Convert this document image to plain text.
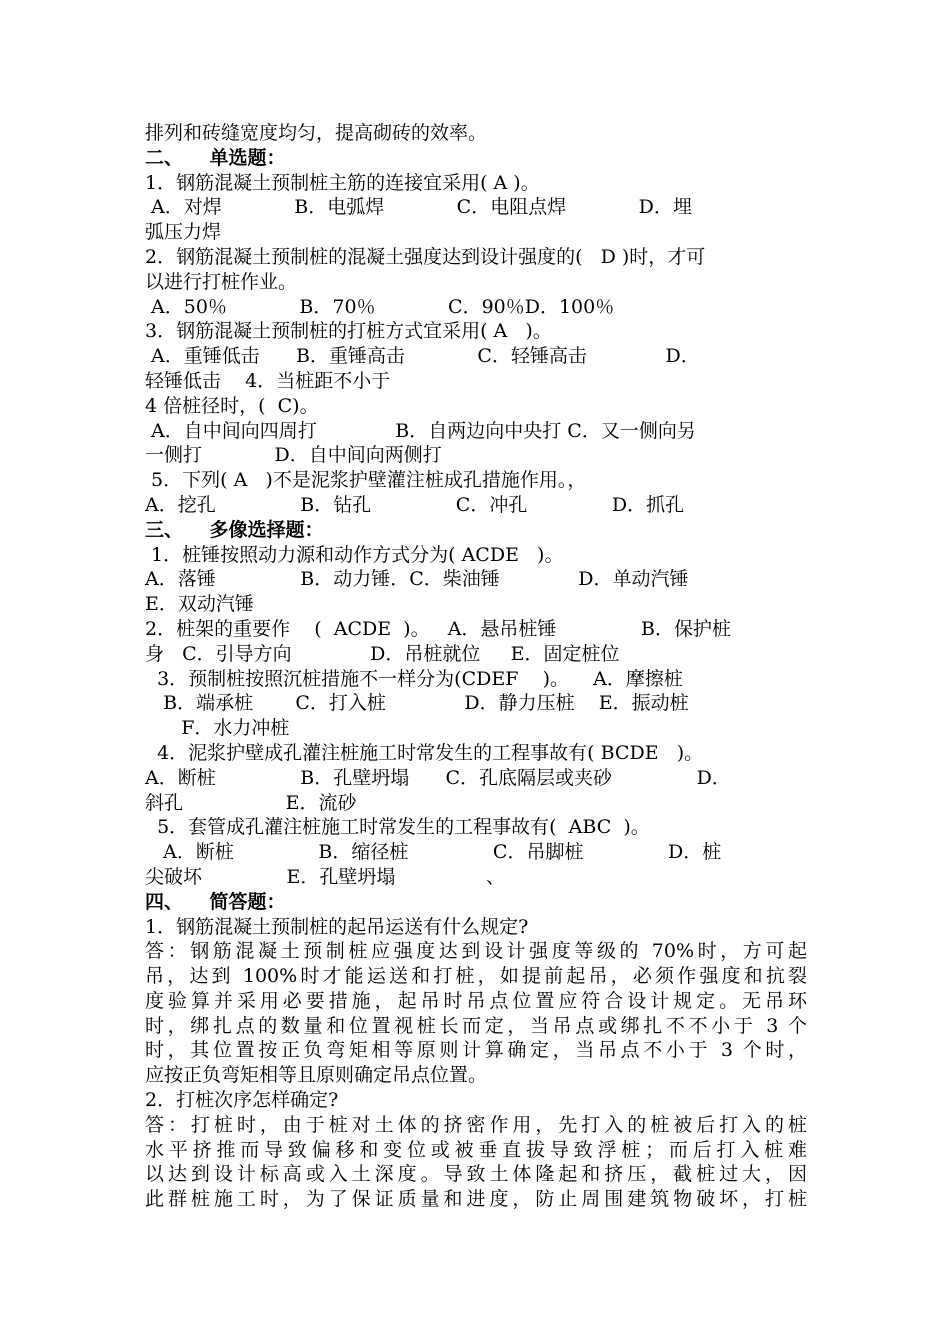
排列和砖缝宽度均匀，提高砌砖的效率。
二、    单选题：
1．钢筋混凝土预制桩主筋的连接宜采用( A )。
A．对焊            B．电弧焊            C．电阻点焊            D．埋
弧压力焊
2．钢筋混凝土预制桩的混凝土强度达到设计强度的(   D )时，才可
以进行打桩作业。
A．50％            B．70％            C．90％D．100％
3．钢筋混凝土预制桩的打桩方式宜采用( A   )。
A．重锤低击      B．重锤高击            C．轻锤高击             D．
轻锤低击    4．当桩距不小于
4 倍桩径时，(  C)。
A．自中间向四周打             B．自两边向中央打 C．又一侧向另
一侧打            D．自中间向两侧打
5．下列( A   )不是泥浆护壁灌注桩成孔措施作用。，
A．挖孔              B．钻孔              C．冲孔              D．抓孔
三、    多像选择题：
1．桩锤按照动力源和动作方式分为( ACDE   )。
A．落锤              B．动力锤．C．柴油锤             D．单动汽锤
E．双动汽锤
2．桩架的重要作    (  ACDE  )。   A．悬吊桩锤              B．保护桩
身   C．引导方向             D．吊桩就位     E．固定桩位
3．预制桩按照沉桩措施不一样分为(CDEF    )。    A．摩擦桩
B．端承桩       C．打入桩             D．静力压桩    E．振动桩
F．水力冲桩
4．泥浆护壁成孔灌注桩施工时常发生的工程事故有( BCDE   )。
A．断桩              B．孔壁坍塌      C．孔底隔层或夹砂              D．
斜孔                 E．流砂
5．套管成孔灌注桩施工时常发生的工程事故有(  ABC  )。
A．断桩              B．缩径桩              C．吊脚桩              D．桩
尖破坏              E．孔壁坍塌               、
四、    简答题：
1．钢筋混凝土预制桩的起吊运送有什么规定?
答：钢筋混凝土预制桩应强度达到设计强度等级的 70%时，方可起
吊，达到 100%时才能运送和打桩，如提前起吊，必须作强度和抗裂
度验算并采用必要措施，起吊时吊点位置应符合设计规定。无吊环
时，绑扎点的数量和位置视桩长而定，当吊点或绑扎不不小于 3 个
时，其位置按正负弯矩相等原则计算确定，当吊点不小于 3 个时，
应按正负弯矩相等且原则确定吊点位置。
2．打桩次序怎样确定?
答：打桩时，由于桩对土体的挤密作用，先打入的桩被后打入的桩
水平挤推而导致偏移和变位或被垂直拔导致浮桩；而后打入桩难
以达到设计标高或入土深度。导致土体隆起和挤压，截桩过大，因
此群桩施工时，为了保证质量和进度，防止周围建筑物破坏，打桩
